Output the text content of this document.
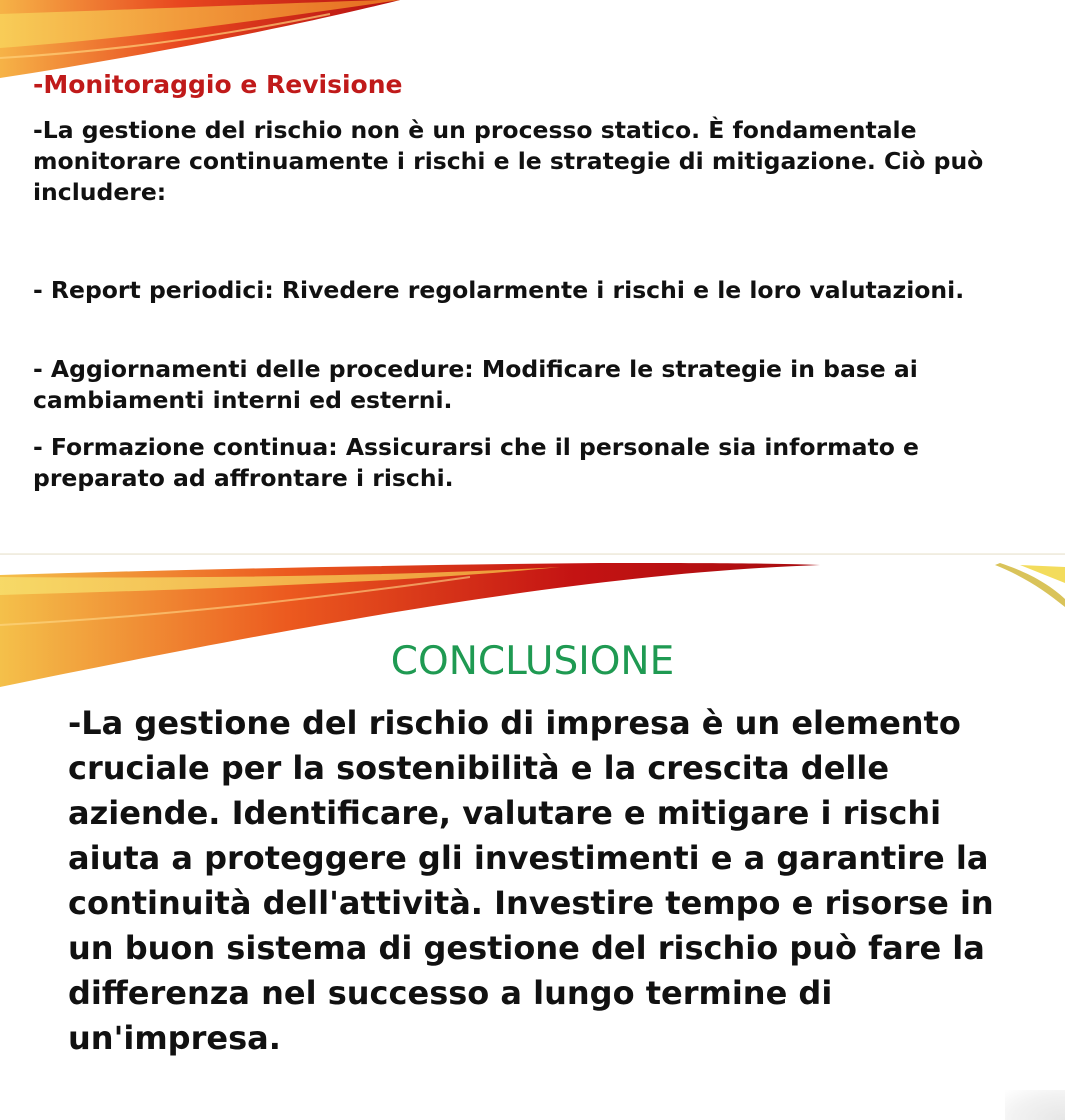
-Monitoraggio e Revisione

-La gestione del rischio non è un processo statico. È fondamentale monitorare continuamente i rischi e le strategie di mitigazione. Ciò può includere:

- Report periodici: Rivedere regolarmente i rischi e le loro valutazioni.

- Aggiornamenti delle procedure: Modificare le strategie in base ai cambiamenti interni ed esterni.

- Formazione continua: Assicurarsi che il personale sia informato e preparato ad affrontare i rischi.

CONCLUSIONE

-La gestione del rischio di impresa è un elemento cruciale per la sostenibilità e la crescita delle aziende. Identificare, valutare e mitigare i rischi aiuta a proteggere gli investimenti e a garantire la continuità dell'attività. Investire tempo e risorse in un buon sistema di gestione del rischio può fare la differenza nel successo a lungo termine di un'impresa.
